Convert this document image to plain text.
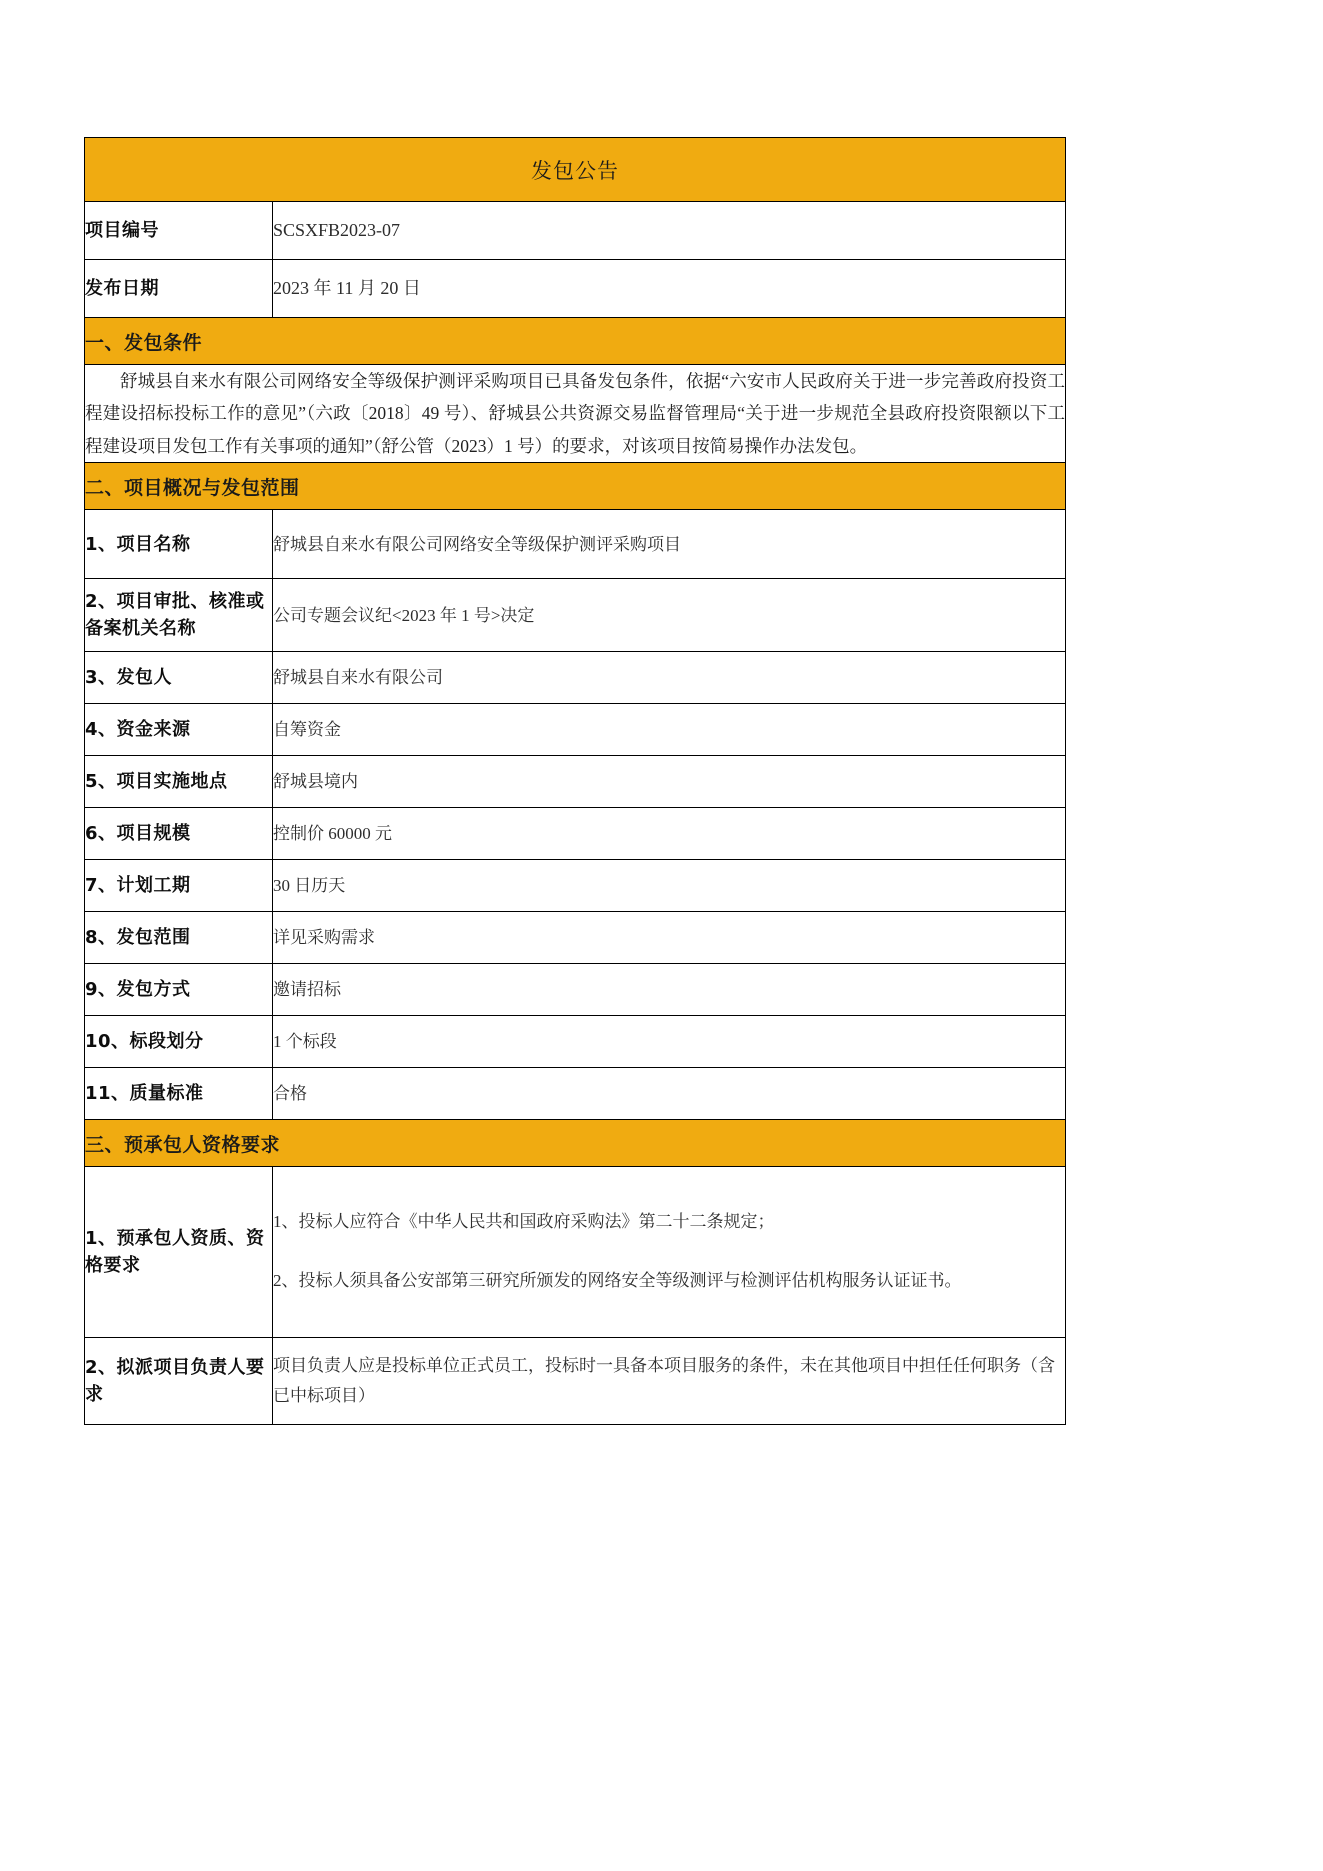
发包公告	
项目编号	SCSXFB2023-07
发布日期	2023 年 11 月 20 日
一、发包条件	

舒城县自来水有限公司网络安全等级保护测评采购项目已具备发包条件，依据“六安市人民政府关于进一步完善政府投资工程建设招标投标工作的意见”（六政〔2018〕49 号）、舒城县公共资源交易监督管理局“关于进一步规范全县政府投资限额以下工程建设项目发包工作有关事项的通知”（舒公管（2023）1 号）的要求，对该项目按简易操作办法发包。	

二、项目概况与发包范围	
1、项目名称	舒城县自来水有限公司网络安全等级保护测评采购项目
2、项目审批、核准或备案机关名称	公司专题会议纪<2023 年 1 号>决定
3、发包人	舒城县自来水有限公司
4、资金来源	自筹资金
5、项目实施地点	舒城县境内
6、项目规模	控制价 60000 元
7、计划工期	30 日历天
8、发包范围	详见采购需求
9、发包方式	邀请招标
10、标段划分	1 个标段
11、质量标准	合格
三、预承包人资格要求	
1、预承包人资质、资格要求	1、投标人应符合《中华人民共和国政府采购法》第二十二条规定；

2、投标人须具备公安部第三研究所颁发的网络安全等级测评与检测评估机构服务认证证书。

2、拟派项目负责人要求	项目负责人应是投标单位正式员工，投标时一具备本项目服务的条件，未在其他项目中担任任何职务（含已中标项目）
